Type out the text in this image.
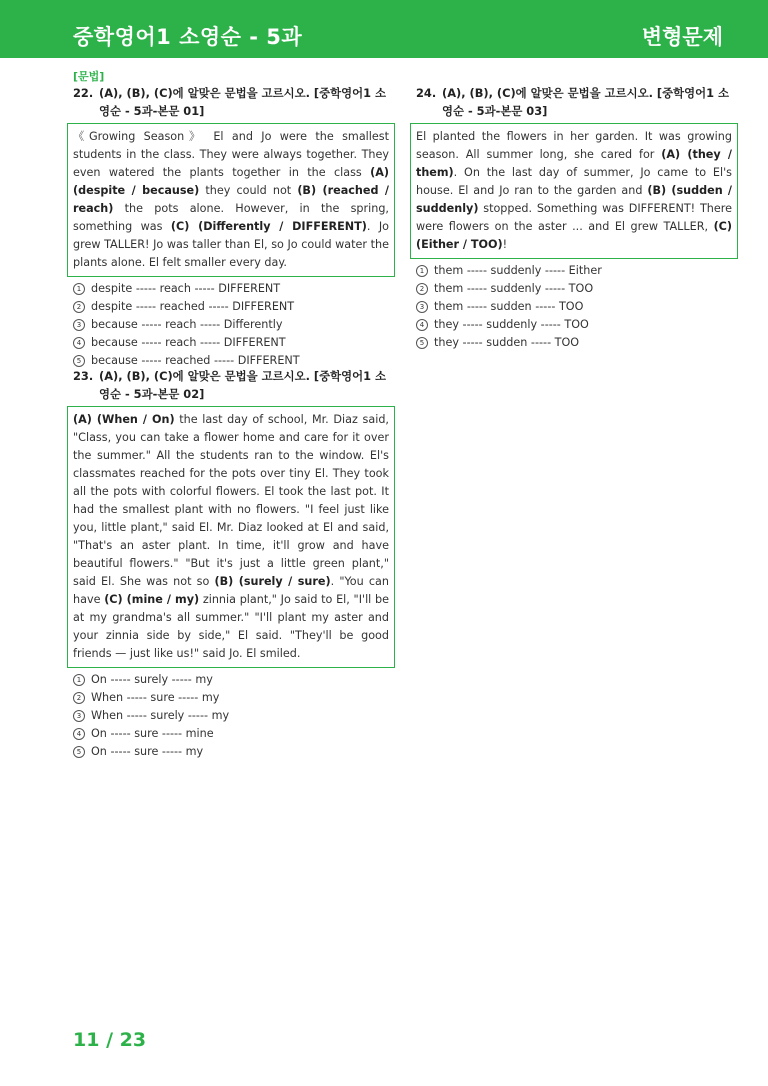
중학영어1 소영순 - 5과	변형문제
[문법]
22. (A), (B), (C)에 알맞은 문법을 고르시오. [중학영어1 소영순 - 5과-본문 01]
《Growing Season》 El and Jo were the smallest students in the class. They were always together. They even watered the plants together in the class (A) (despite / because) they could not (B) (reached / reach) the pots alone. However, in the spring, something was (C) (Differently / DIFFERENT). Jo grew TALLER! Jo was taller than El, so Jo could water the plants alone. El felt smaller every day.
1 despite ----- reach ----- DIFFERENT
2 despite ----- reached ----- DIFFERENT
3 because ----- reach ----- Differently
4 because ----- reach ----- DIFFERENT
5 because ----- reached ----- DIFFERENT
23. (A), (B), (C)에 알맞은 문법을 고르시오. [중학영어1 소영순 - 5과-본문 02]
(A) (When / On) the last day of school, Mr. Diaz said, "Class, you can take a flower home and care for it over the summer." All the students ran to the window. El's classmates reached for the pots over tiny El. They took all the pots with colorful flowers. El took the last pot. It had the smallest plant with no flowers. "I feel just like you, little plant," said El. Mr. Diaz looked at El and said, "That's an aster plant. In time, it'll grow and have beautiful flowers." "But it's just a little green plant," said El. She was not so (B) (surely / sure). "You can have (C) (mine / my) zinnia plant," Jo said to El, "I'll be at my grandma's all summer." "I'll plant my aster and your zinnia side by side," El said. "They'll be good friends — just like us!" said Jo. El smiled.
1 On ----- surely ----- my
2 When ----- sure ----- my
3 When ----- surely ----- my
4 On ----- sure ----- mine
5 On ----- sure ----- my
24. (A), (B), (C)에 알맞은 문법을 고르시오. [중학영어1 소영순 - 5과-본문 03]
El planted the flowers in her garden. It was growing season. All summer long, she cared for (A) (they / them). On the last day of summer, Jo came to El's house. El and Jo ran to the garden and (B) (sudden / suddenly) stopped. Something was DIFFERENT! There were flowers on the aster ... and El grew TALLER, (C) (Either / TOO)!
1 them ----- suddenly ----- Either
2 them ----- suddenly ----- TOO
3 them ----- sudden ----- TOO
4 they ----- suddenly ----- TOO
5 they ----- sudden ----- TOO
11 / 23
